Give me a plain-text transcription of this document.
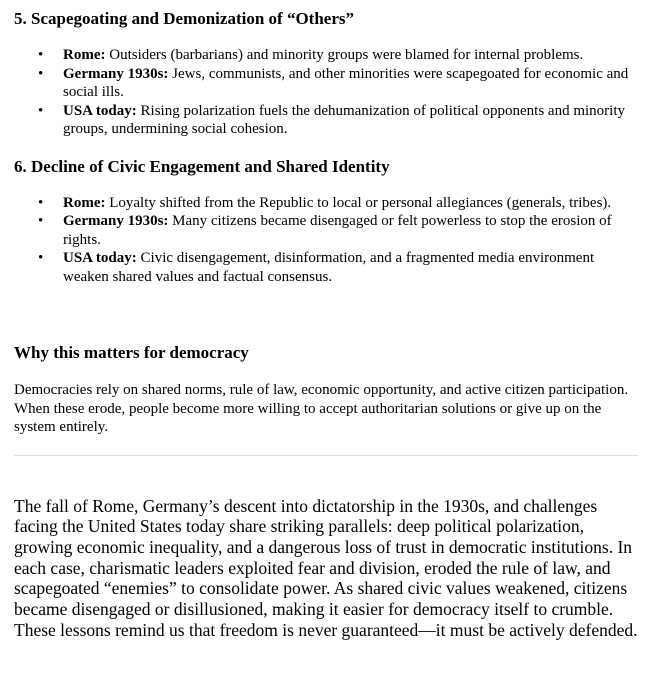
5. Scapegoating and Demonization of “Others”
• Rome: Outsiders (barbarians) and minority groups were blamed for internal problems.
• Germany 1930s: Jews, communists, and other minorities were scapegoated for economic and social ills.
• USA today: Rising polarization fuels the dehumanization of political opponents and minority groups, undermining social cohesion.
6. Decline of Civic Engagement and Shared Identity
• Rome: Loyalty shifted from the Republic to local or personal allegiances (generals, tribes).
• Germany 1930s: Many citizens became disengaged or felt powerless to stop the erosion of rights.
• USA today: Civic disengagement, disinformation, and a fragmented media environment weaken shared values and factual consensus.
Why this matters for democracy

Democracies rely on shared norms, rule of law, economic opportunity, and active citizen participation. When these erode, people become more willing to accept authoritarian solutions or give up on the system entirely.

The fall of Rome, Germany’s descent into dictatorship in the 1930s, and challenges facing the United States today share striking parallels: deep political polarization, growing economic inequality, and a dangerous loss of trust in democratic institutions. In each case, charismatic leaders exploited fear and division, eroded the rule of law, and scapegoated “enemies” to consolidate power. As shared civic values weakened, citizens became disengaged or disillusioned, making it easier for democracy itself to crumble. These lessons remind us that freedom is never guaranteed—it must be actively defended.
